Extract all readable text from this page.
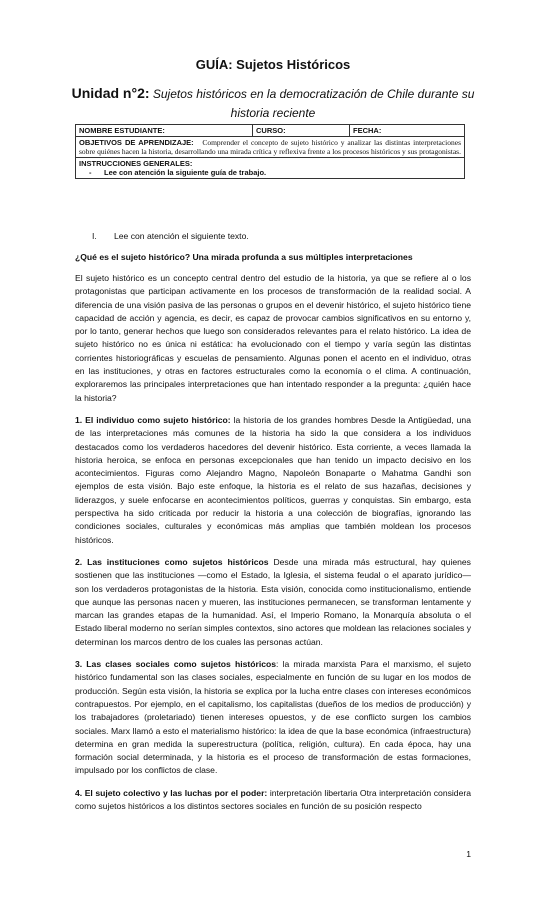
GUÍA: Sujetos Históricos
Unidad n°2: Sujetos históricos en la democratización de Chile durante su historia reciente
NOMBRE ESTUDIANTE:	CURSO:	FECHA:
OBJETIVOS DE APRENDIZAJE: Comprender el concepto de sujeto histórico y analizar las distintas interpretaciones sobre quiénes hacen la historia, desarrollando una mirada crítica y reflexiva frente a los procesos históricos y sus protagonistas.

INSTRUCCIONES GENERALES:
-      Lee con atención la siguiente guía de trabajo.
I. Lee con atención el siguiente texto.
¿Qué es el sujeto histórico? Una mirada profunda a sus múltiples interpretaciones

El sujeto histórico es un concepto central dentro del estudio de la historia, ya que se refiere al o los protagonistas que participan activamente en los procesos de transformación de la realidad social. A diferencia de una visión pasiva de las personas o grupos en el devenir histórico, el sujeto histórico tiene capacidad de acción y agencia, es decir, es capaz de provocar cambios significativos en su entorno y, por lo tanto, generar hechos que luego son considerados relevantes para el relato histórico. La idea de sujeto histórico no es única ni estática: ha evolucionado con el tiempo y varía según las distintas corrientes historiográficas y escuelas de pensamiento. Algunas ponen el acento en el individuo, otras en las instituciones, y otras en factores estructurales como la economía o el clima. A continuación, exploraremos las principales interpretaciones que han intentado responder a la pregunta: ¿quién hace la historia?

1. El individuo como sujeto histórico: la historia de los grandes hombres Desde la Antigüedad, una de las interpretaciones más comunes de la historia ha sido la que considera a los individuos destacados como los verdaderos hacedores del devenir histórico. Esta corriente, a veces llamada la historia heroica, se enfoca en personas excepcionales que han tenido un impacto decisivo en los acontecimientos. Figuras como Alejandro Magno, Napoleón Bonaparte o Mahatma Gandhi son ejemplos de esta visión. Bajo este enfoque, la historia es el relato de sus hazañas, decisiones y liderazgos, y suele enfocarse en acontecimientos políticos, guerras y conquistas. Sin embargo, esta perspectiva ha sido criticada por reducir la historia a una colección de biografías, ignorando las condiciones sociales, culturales y económicas más amplias que también moldean los procesos históricos.

2. Las instituciones como sujetos históricos Desde una mirada más estructural, hay quienes sostienen que las instituciones —como el Estado, la Iglesia, el sistema feudal o el aparato jurídico— son los verdaderos protagonistas de la historia. Esta visión, conocida como institucionalismo, entiende que aunque las personas nacen y mueren, las instituciones permanecen, se transforman lentamente y marcan las grandes etapas de la humanidad. Así, el Imperio Romano, la Monarquía absoluta o el Estado liberal moderno no serían simples contextos, sino actores que moldean las relaciones sociales y determinan los marcos dentro de los cuales las personas actúan.

3. Las clases sociales como sujetos históricos: la mirada marxista Para el marxismo, el sujeto histórico fundamental son las clases sociales, especialmente en función de su lugar en los modos de producción. Según esta visión, la historia se explica por la lucha entre clases con intereses económicos contrapuestos. Por ejemplo, en el capitalismo, los capitalistas (dueños de los medios de producción) y los trabajadores (proletariado) tienen intereses opuestos, y de ese conflicto surgen los cambios sociales. Marx llamó a esto el materialismo histórico: la idea de que la base económica (infraestructura) determina en gran medida la superestructura (política, religión, cultura). En cada época, hay una formación social determinada, y la historia es el proceso de transformación de estas formaciones, impulsado por los conflictos de clase.

4. El sujeto colectivo y las luchas por el poder: interpretación libertaria Otra interpretación considera como sujetos históricos a los distintos sectores sociales en función de su posición respecto

1
